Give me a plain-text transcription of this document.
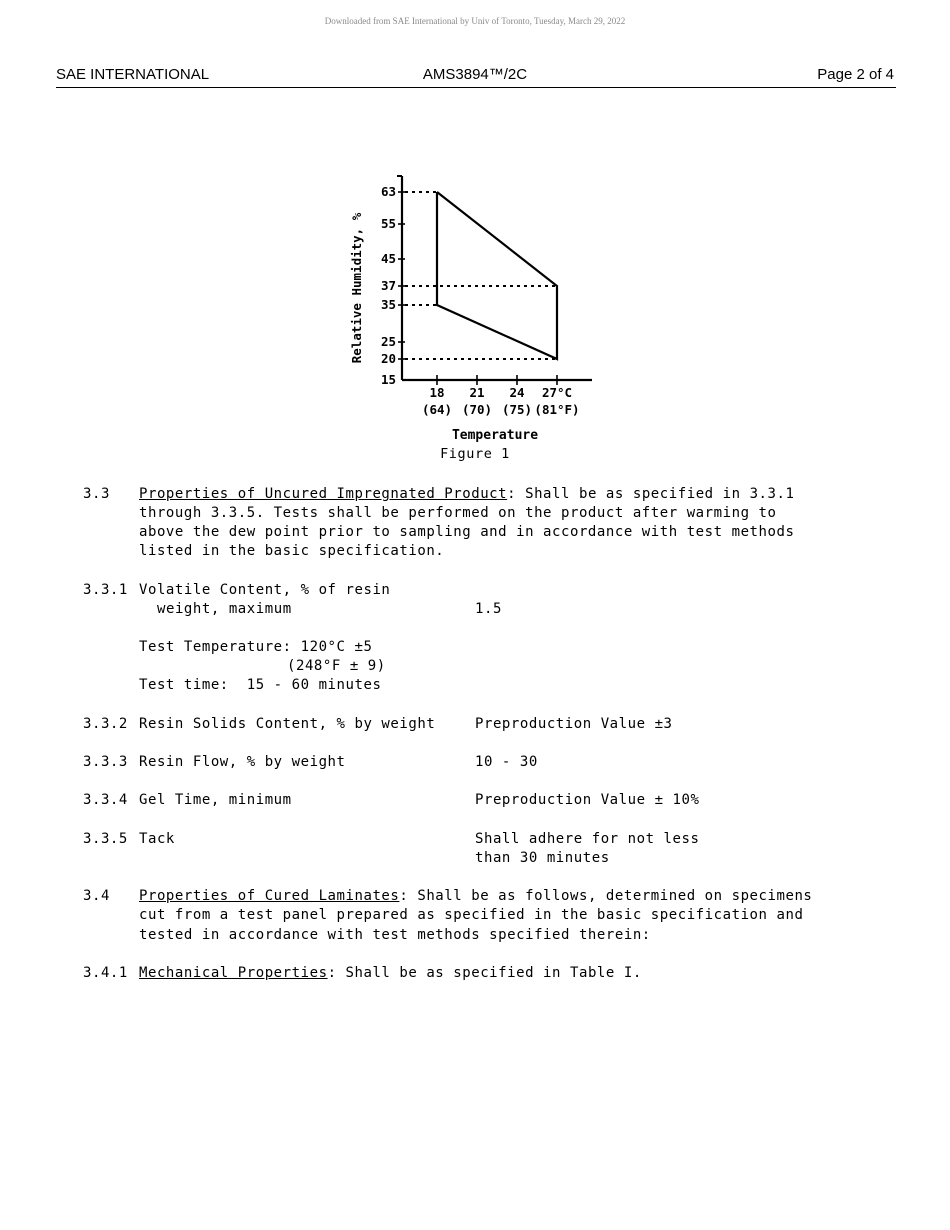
Downloaded from SAE International by Univ of Toronto, Tuesday, March 29, 2022
SAE INTERNATIONAL	AMS3894™/2C	Page 2 of 4
63
55
45
37
35
25
20
15
18
(64)
21
(70)
24
(75)
27°C
(81°F)
Relative Humidity, %
Temperature
Figure 1
3.3 Properties of Uncured Impregnated Product: Shall be as specified in 3.3.1
through 3.3.5. Tests shall be performed on the product after warming to
above the dew point prior to sampling and in accordance with test methods
listed in the basic specification.
3.3.1 Volatile Content, % of resin
weight, maximum	1.5
Test Temperature: 120°C ±5
(248°F ± 9)
Test time:  15 - 60 minutes
3.3.2 Resin Solids Content, % by weight	Preproduction Value ±3
3.3.3 Resin Flow, % by weight	10 - 30
3.3.4 Gel Time, minimum	Preproduction Value ± 10%
3.3.5 Tack	Shall adhere for not less
than 30 minutes
3.4 Properties of Cured Laminates: Shall be as follows, determined on specimens
cut from a test panel prepared as specified in the basic specification and
tested in accordance with test methods specified therein:
3.4.1 Mechanical Properties: Shall be as specified in Table I.
